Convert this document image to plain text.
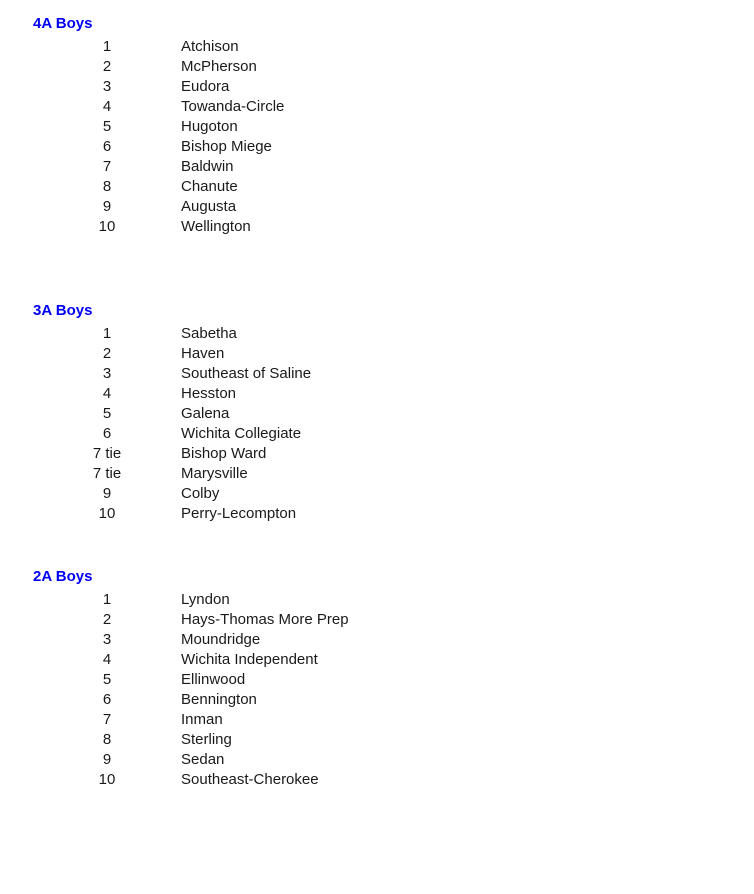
4A Boys
1	Atchison
2	McPherson
3	Eudora
4	Towanda-Circle
5	Hugoton
6	Bishop Miege
7	Baldwin
8	Chanute
9	Augusta
10	Wellington
3A Boys
1	Sabetha
2	Haven
3	Southeast of Saline
4	Hesston
5	Galena
6	Wichita Collegiate
7 tie	Bishop Ward
7 tie	Marysville
9	Colby
10	Perry-Lecompton
2A Boys
1	Lyndon
2	Hays-Thomas More Prep
3	Moundridge
4	Wichita Independent
5	Ellinwood
6	Bennington
7	Inman
8	Sterling
9	Sedan
10	Southeast-Cherokee
